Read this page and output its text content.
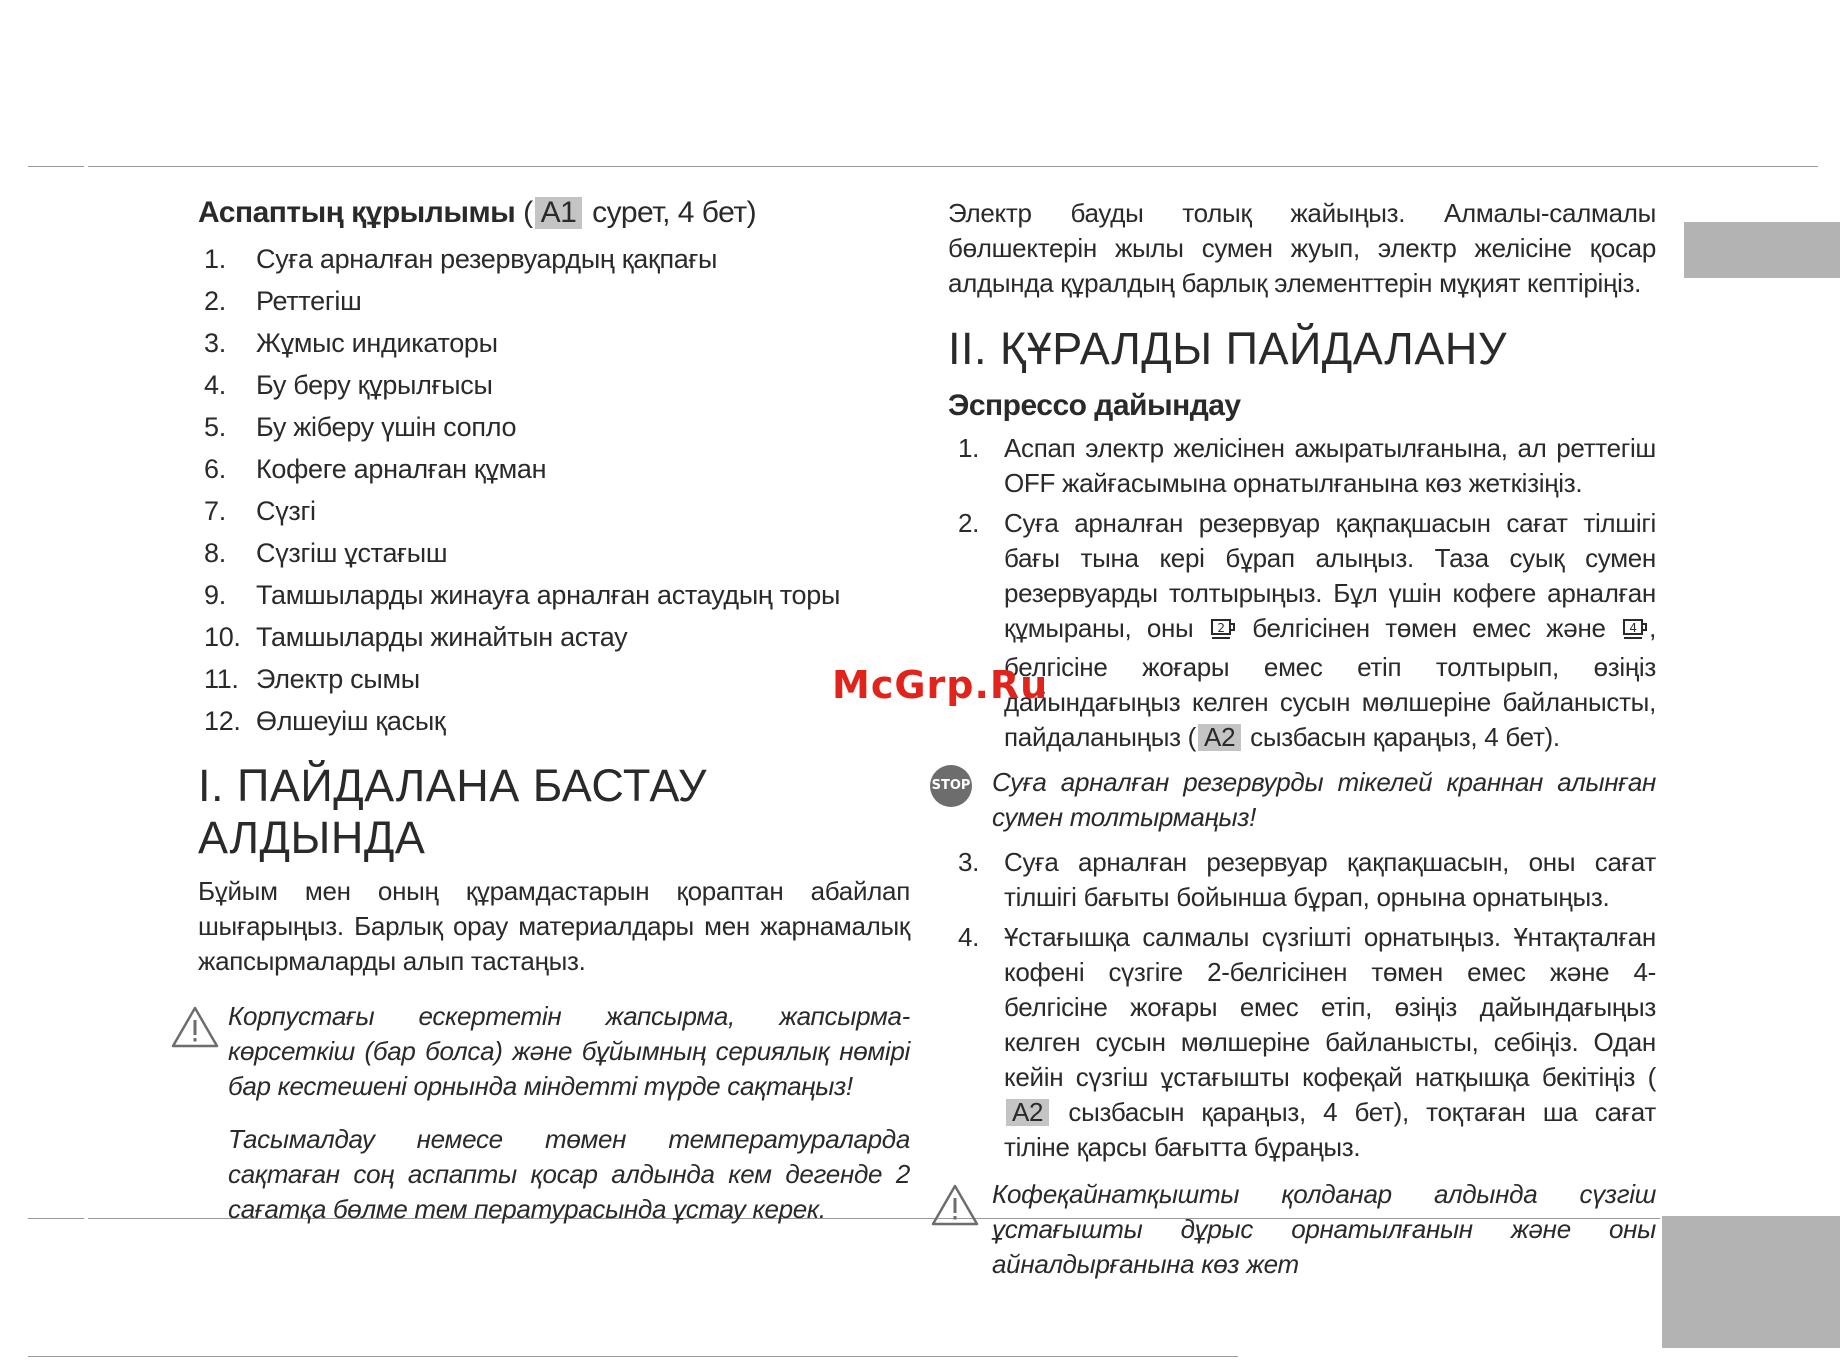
Аспаптың құрылымы ( A1 сурет, 4 бет)
1.	Суға арналған резервуардың қақпағы
2.	Реттегіш
3.	Жұмыс индикаторы
4.	Бу беру құрылғысы
5.	Бу жіберу үшін сопло
6.	Кофеге арналған құман
7.	Сүзгі
8.	Сүзгіш ұстағыш
9.	Тамшыларды жинауға арналған астаудың торы
10. Тамшыларды жинайтын астау
11. Электр сымы
12. Өлшеуіш қасық
I. ПАЙДАЛАНА БАСТАУ АЛДЫНДА

Бұйым мен оның құрамдастарын қораптан абайлап шығарыңыз. Барлық орау материалдары мен жарнамалық жапсырмаларды алып тастаңыз.

Корпустағы ескертетін жапсырма, жапсырма-көрсеткіш (бар болса) және бұйымның сериялық нөмірі бар кестешені орнында міндетті түрде сақтаңыз!

Тасымалдау немесе төмен температураларда сақтаған соң аспапты қосар алдында кем дегенде 2 сағатқа бөлме тем пературасында ұстау керек.

Электр бауды толық жайыңыз. Алмалы-салмалы бөлшектерін жылы сумен жуып, электр желісіне қосар алдында құралдың барлық элементтерін мұқият кептіріңіз.

II. ҚҰРАЛДЫ ПАЙДАЛАНУ
Эспрессо дайындау
1. Аспап электр желісінен ажыратылғанына, ал реттегіш OFF жайғасымына орнатылғанына көз жеткізіңіз.
2. Суға арналған резервуар қақпақшасын сағат тілшігі бағы тына кері бұрап алыңыз. Таза суық сумен резервуарды толтырыңыз. Бұл үшін кофеге арналған құмыраны, оны 2 белгісінен төмен емес және 4 , белгісіне жоғары емес етіп толтырып, өзіңіз дайындағыңыз келген сусын мөлшеріне байланысты, пайдаланыңыз ( A2 сызбасын қараңыз, 4 бет).
STOP Суға арналған резервурды тікелей краннан алынған сумен толтырмаңыз!

3. Суға арналған резервуар қақпақшасын, оны сағат тілшігі бағыты бойынша бұрап, орнына орнатыңыз.
4. Ұстағышқа салмалы сүзгішті орнатыңыз. Ұнтақталған кофені сүзгіге 2-белгісінен төмен емес және 4-белгісіне жоғары емес етіп, өзіңіз дайындағыңыз келген сусын мөлшеріне байланысты, себіңіз. Одан кейін сүзгіш ұстағышты кофеқай натқышқа бекітіңіз (A2 сызбасын қараңыз, 4 бет), тоқтаған ша сағат тіліне қарсы бағытта бұраңыз.

Кофеқайнатқышты қолданар алдында сүзгіш ұстағышты дұрыс орнатылғанын және оны айналдырғанына көз жет

McGrp.Ru
